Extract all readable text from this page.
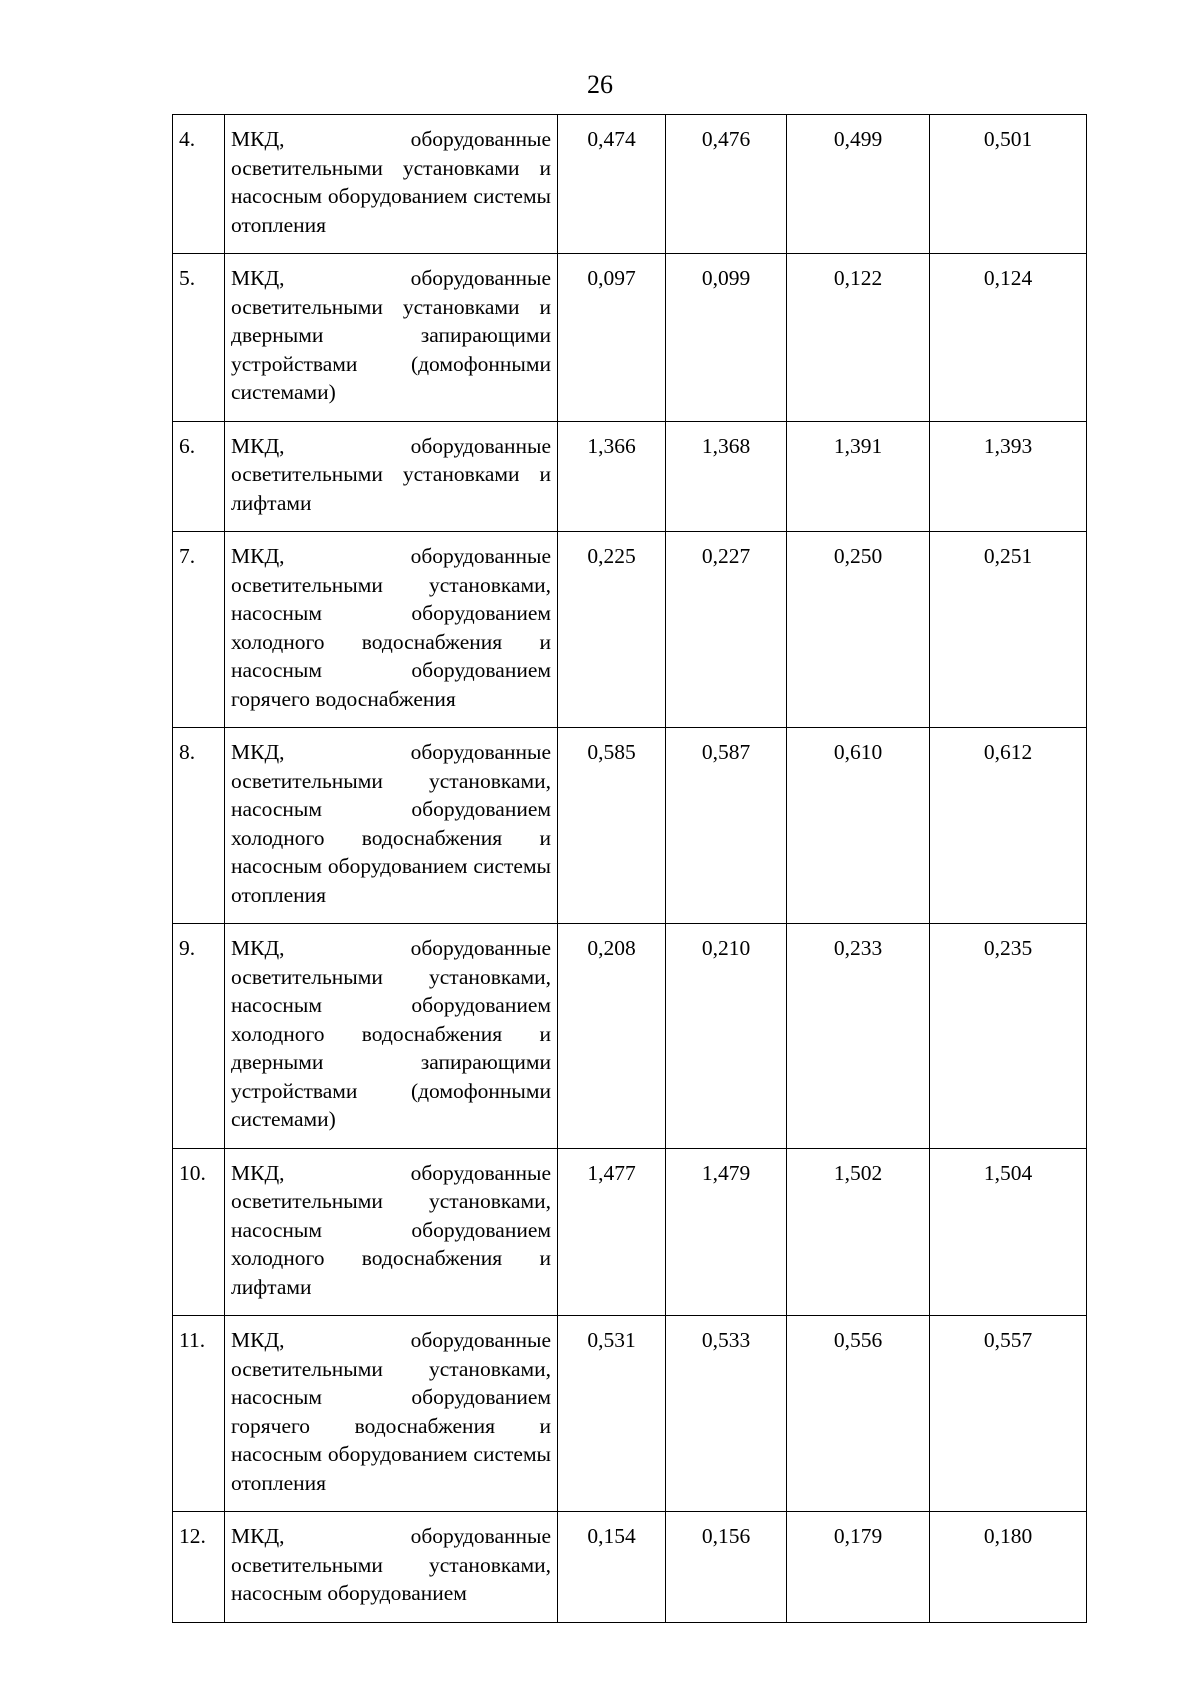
26
4.	МКД, оборудованные осветительными установками и насосным оборудованием системы отопления	0,474	0,476	0,499	0,501
5.	МКД, оборудованные осветительными установками и дверными запирающими устройствами (домофонными системами)	0,097	0,099	0,122	0,124
6.	МКД, оборудованные осветительными установками и лифтами	1,366	1,368	1,391	1,393
7.	МКД, оборудованные осветительными установками, насосным оборудованием холодного водоснабжения и насосным оборудованием горячего водоснабжения	0,225	0,227	0,250	0,251
8.	МКД, оборудованные осветительными установками, насосным оборудованием холодного водоснабжения и насосным оборудованием системы отопления	0,585	0,587	0,610	0,612
9.	МКД, оборудованные осветительными установками, насосным оборудованием холодного водоснабжения и дверными запирающими устройствами (домофонными системами)	0,208	0,210	0,233	0,235
10.	МКД, оборудованные осветительными установками, насосным оборудованием холодного водоснабжения и лифтами	1,477	1,479	1,502	1,504
11.	МКД, оборудованные осветительными установками, насосным оборудованием горячего водоснабжения и насосным оборудованием системы отопления	0,531	0,533	0,556	0,557
12.	МКД, оборудованные осветительными установками, насосным оборудованием	0,154	0,156	0,179	0,180
